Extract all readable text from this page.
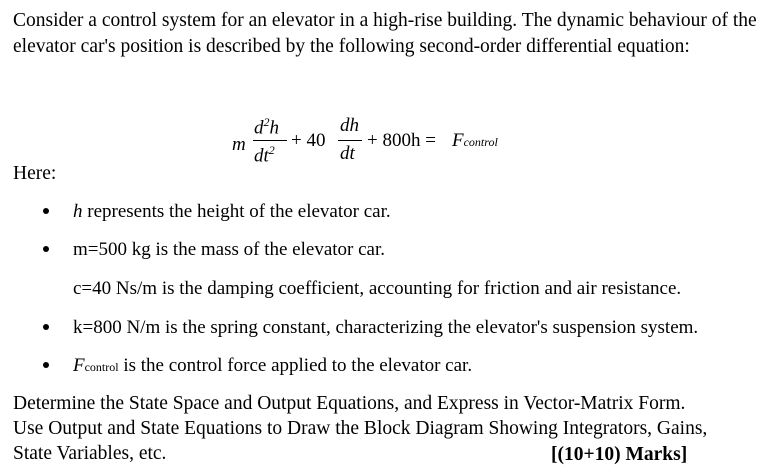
Consider a control system for an elevator in a high-rise building. The dynamic behaviour of the elevator car's position is described by the following second-order differential equation:
m
$d^2h$
$dt^2 + 40$
dh
dt
+ 800h = Fcontrol
Here:
h represents the height of the elevator car.
m=500 kg is the mass of the elevator car.
c=40 Ns/m is the damping coefficient, accounting for friction and air resistance.
k=800 N/m is the spring constant, characterizing the elevator's suspension system.
Fcontrol is the control force applied to the elevator car.
Determine the State Space and Output Equations, and Express in Vector-Matrix Form.
Use Output and State Equations to Draw the Block Diagram Showing Integrators, Gains,
State Variables, etc.	[(10+10) Marks]
